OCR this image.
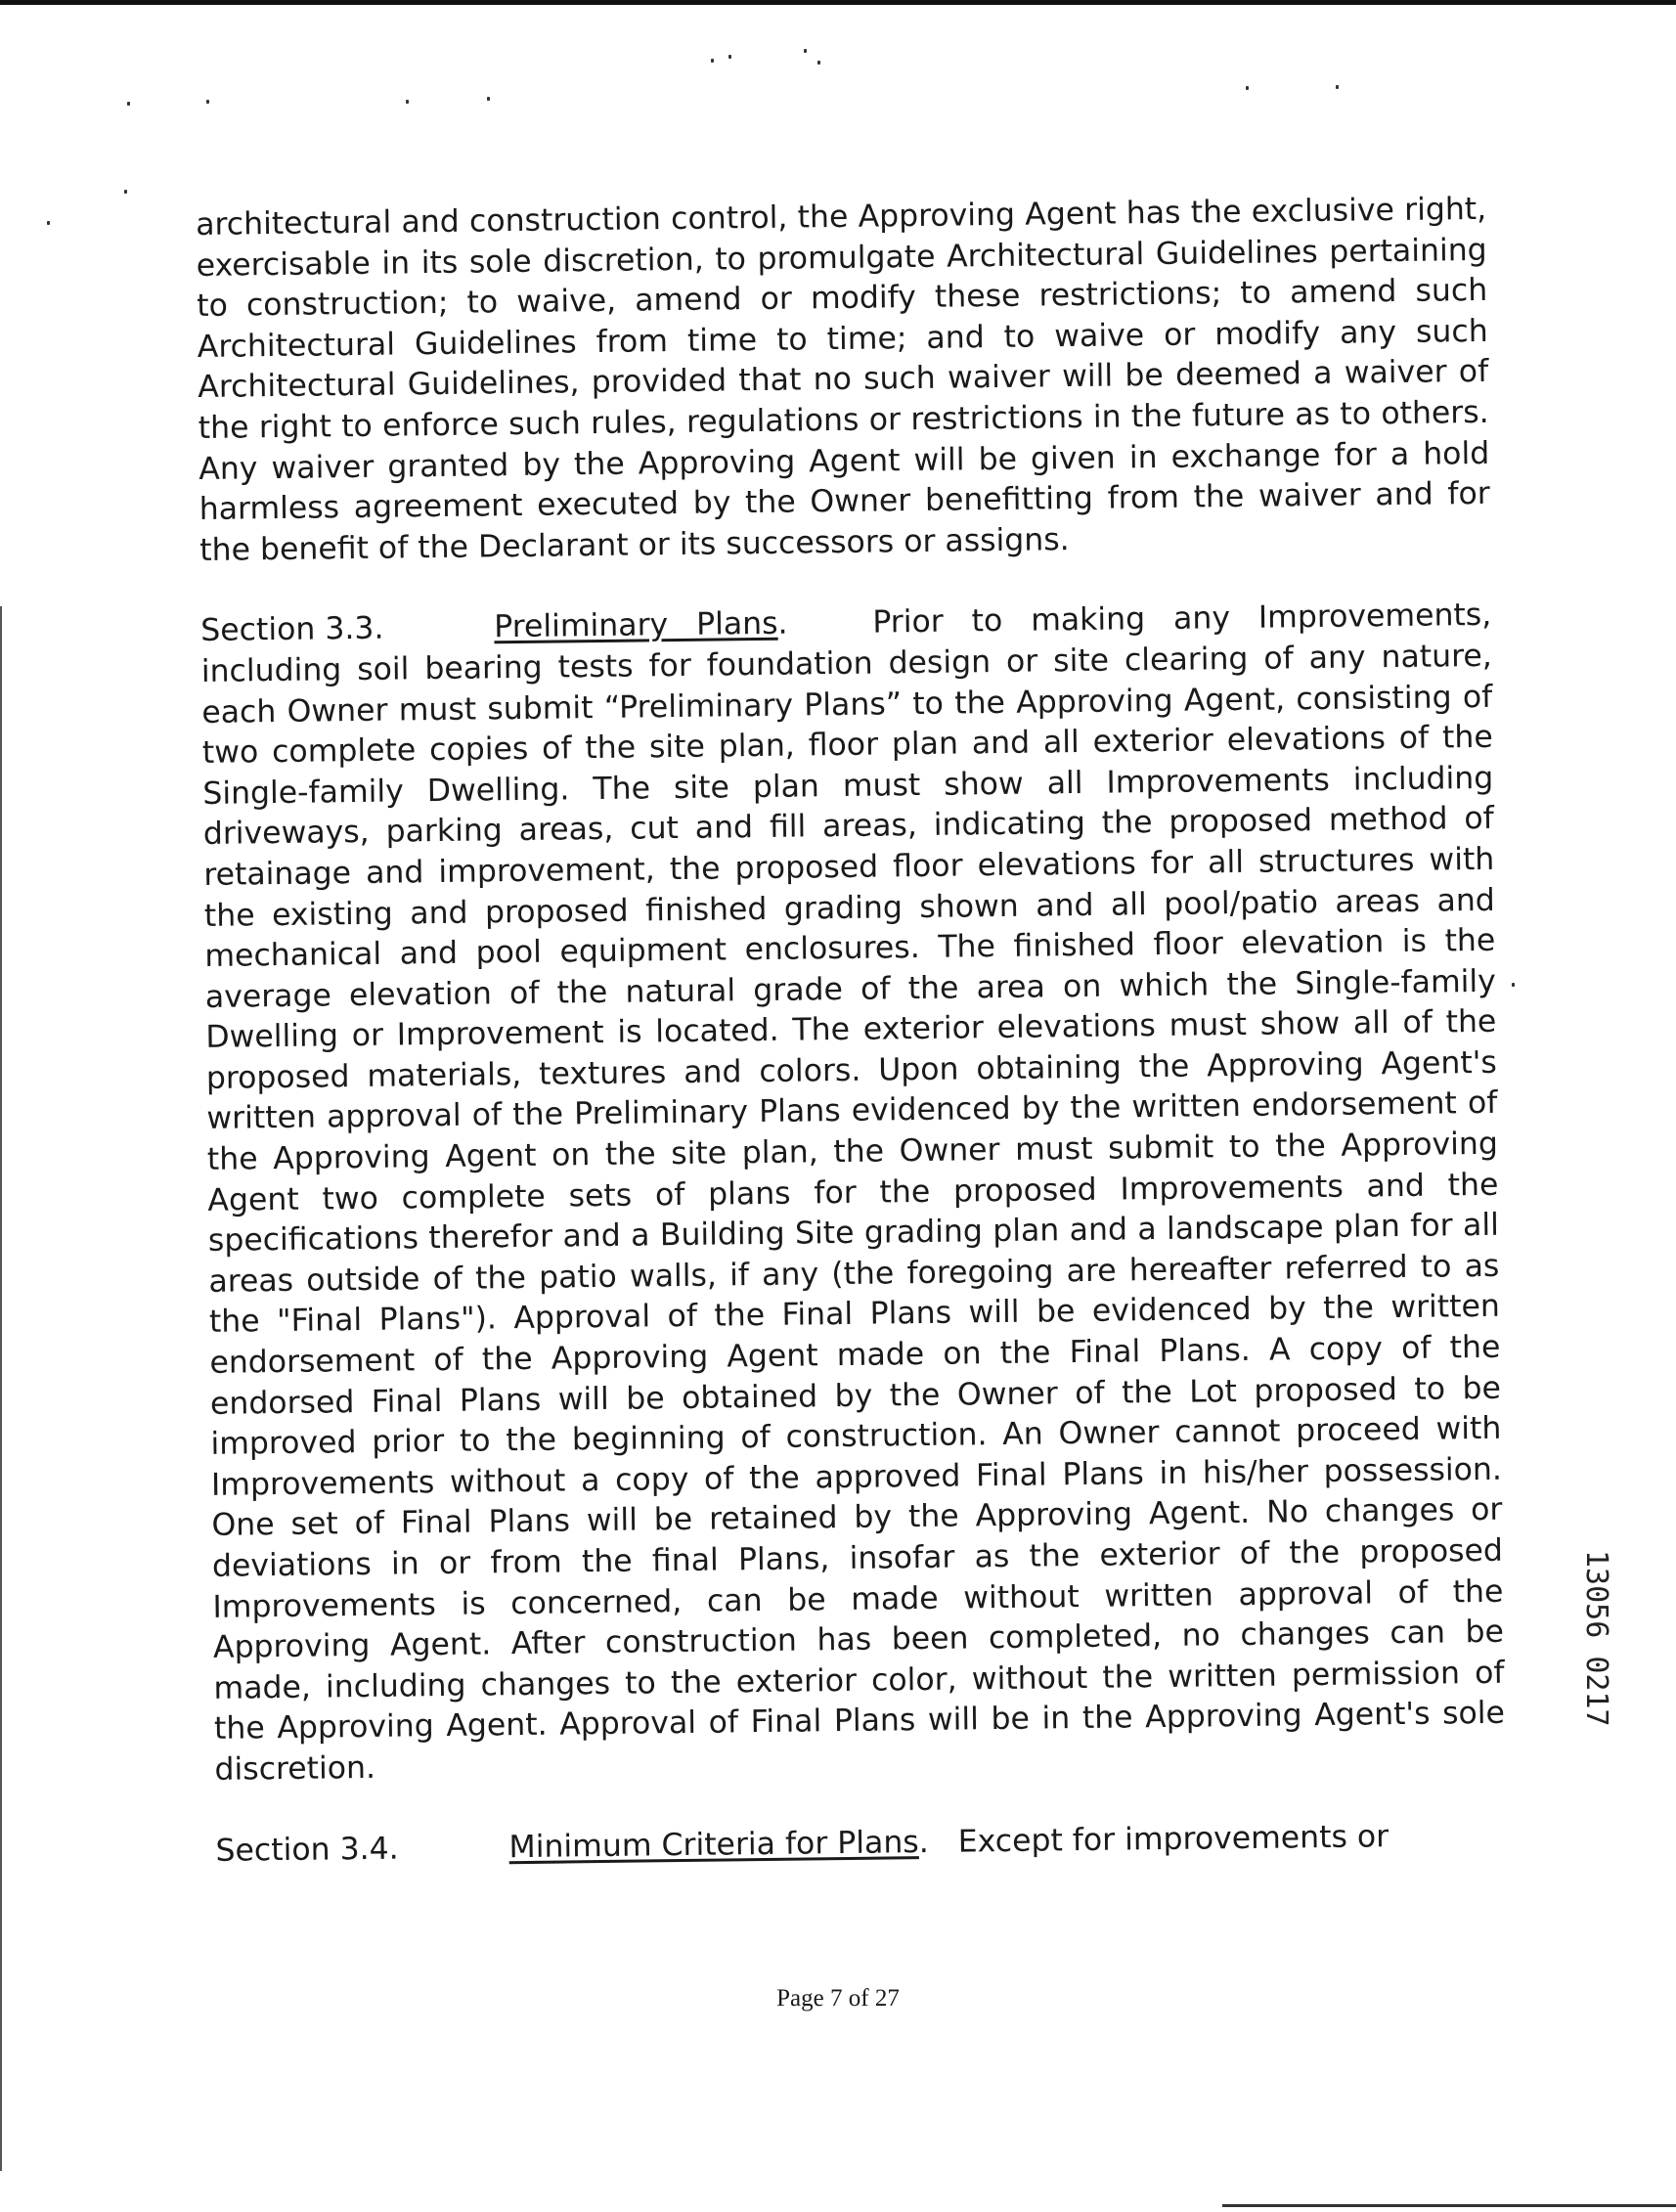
architectural and construction control, the Approving Agent has the exclusive right, exercisable in its sole discretion, to promulgate Architectural Guidelines pertaining to construction; to waive, amend or modify these restrictions; to amend such Architectural Guidelines from time to time; and to waive or modify any such Architectural Guidelines, provided that no such waiver will be deemed a waiver of the right to enforce such rules, regulations or restrictions in the future as to others. Any waiver granted by the Approving Agent will be given in exchange for a hold harmless agreement executed by the Owner benefitting from the waiver and for the benefit of the Declarant or its successors or assigns.

Section 3.3.	Preliminary Plans.	Prior to making any Improvements, including soil bearing tests for foundation design or site clearing of any nature, each Owner must submit “Preliminary Plans” to the Approving Agent, consisting of two complete copies of the site plan, floor plan and all exterior elevations of the Single-family Dwelling. The site plan must show all Improvements including driveways, parking areas, cut and fill areas, indicating the proposed method of retainage and improvement, the proposed floor elevations for all structures with the existing and proposed finished grading shown and all pool/patio areas and mechanical and pool equipment enclosures. The finished floor elevation is the average elevation of the natural grade of the area on which the Single-family Dwelling or Improvement is located. The exterior elevations must show all of the proposed materials, textures and colors. Upon obtaining the Approving Agent's written approval of the Preliminary Plans evidenced by the written endorsement of the Approving Agent on the site plan, the Owner must submit to the Approving Agent two complete sets of plans for the proposed Improvements and the specifications therefor and a Building Site grading plan and a landscape plan for all areas outside of the patio walls, if any (the foregoing are hereafter referred to as the "Final Plans"). Approval of the Final Plans will be evidenced by the written endorsement of the Approving Agent made on the Final Plans. A copy of the endorsed Final Plans will be obtained by the Owner of the Lot proposed to be improved prior to the beginning of construction. An Owner cannot proceed with Improvements without a copy of the approved Final Plans in his/her possession. One set of Final Plans will be retained by the Approving Agent. No changes or deviations in or from the final Plans, insofar as the exterior of the proposed Improvements is concerned, can be made without written approval of the Approving Agent. After construction has been completed, no changes can be made, including changes to the exterior color, without the written permission of the Approving Agent. Approval of Final Plans will be in the Approving Agent's sole discretion.

Section 3.4.	Minimum Criteria for Plans. Except for improvements or

13056 0217
Page 7 of 27
